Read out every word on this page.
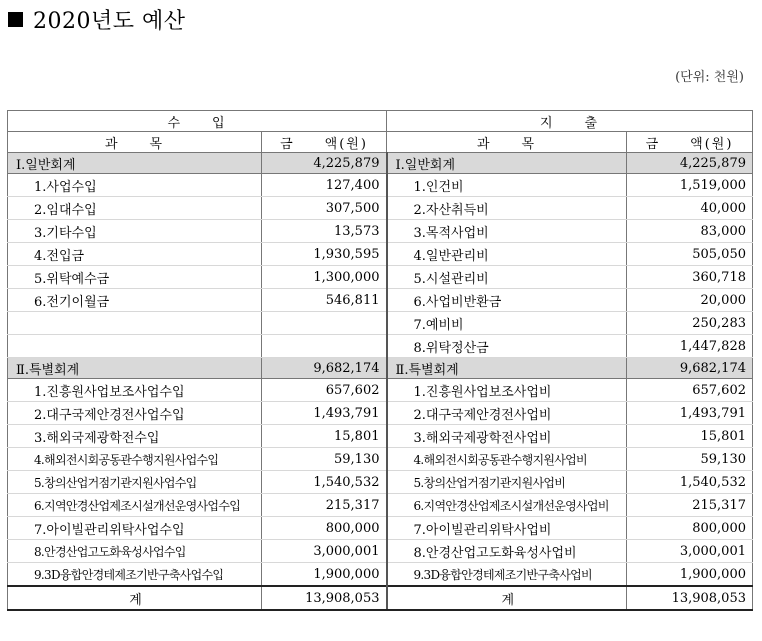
2020년도 예산
(단위: 천원)
수　　입		지　　출	
과　　목	금　　액(원)	과　　목	금　　액(원)
Ⅰ.일반회계	4,225,879	Ⅰ.일반회계	4,225,879
1.사업수입	127,400	1.인건비	1,519,000
2.임대수입	307,500	2.자산취득비	40,000
3.기타수입	13,573	3.목적사업비	83,000
4.전입금	1,930,595	4.일반관리비	505,050
5.위탁예수금	1,300,000	5.시설관리비	360,718
6.전기이월금	546,811	6.사업비반환금	20,000
		7.예비비	250,283
		8.위탁정산금	1,447,828
Ⅱ.특별회계	9,682,174	Ⅱ.특별회계	9,682,174
1.진흥원사업보조사업수입	657,602	1.진흥원사업보조사업비	657,602
2.대구국제안경전사업수입	1,493,791	2.대구국제안경전사업비	1,493,791
3.해외국제광학전수입	15,801	3.해외국제광학전사업비	15,801
4.해외전시회공동관수행지원사업수입	59,130	4.해외전시회공동관수행지원사업비	59,130
5.창의산업거점기관지원사업수입	1,540,532	5.창의산업거점기관지원사업비	1,540,532
6.지역안경산업제조시설개선운영사업수입	215,317	6.지역안경산업제조시설개선운영사업비	215,317
7.아이빌관리위탁사업수입	800,000	7.아이빌관리위탁사업비	800,000
8.안경산업고도화육성사업수입	3,000,001	8.안경산업고도화육성사업비	3,000,001
9.3D융합안경테제조기반구축사업수입	1,900,000	9.3D융합안경테제조기반구축사업비	1,900,000
계	13,908,053	계	13,908,053
